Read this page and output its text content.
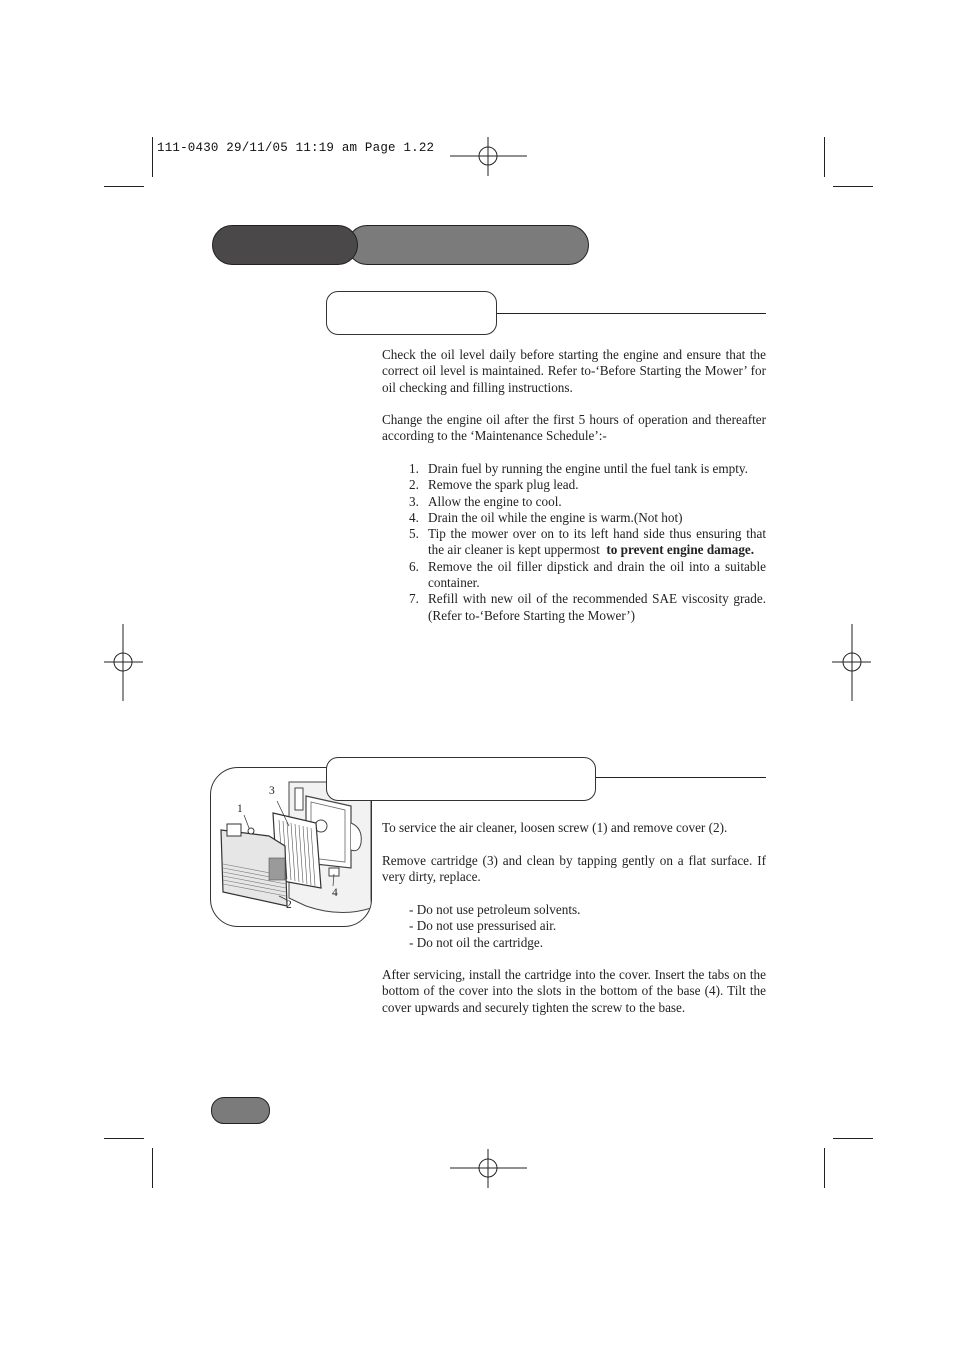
111-0430 29/11/05 11:19 am Page 1.22

Check the oil level daily before starting the engine and ensure that the correct oil level is maintained. Refer to-‘Before Starting the Mower’ for oil checking and filling instructions.

Change the engine oil after the first 5 hours of operation and thereafter according to the ‘Maintenance Schedule’:-

1. Drain fuel by running the engine until the fuel tank is empty.
2. Remove the spark plug lead.
3. Allow the engine to cool.
4. Drain the oil while the engine is warm.(Not hot)
5. Tip the mower over on to its left hand side thus ensuring that the air cleaner is kept uppermost to prevent engine damage.
6. Remove the oil filler dipstick and drain the oil into a suitable container.
7. Refill with new oil of the recommended SAE viscosity grade. (Refer to-‘Before Starting the Mower’)
1
2
3
4

To service the air cleaner, loosen screw (1) and remove cover (2).

Remove cartridge (3) and clean by tapping gently on a flat surface. If very dirty, replace.

- Do not use petroleum solvents.
- Do not use pressurised air.
- Do not oil the cartridge.

After servicing, install the cartridge into the cover. Insert the tabs on the bottom of the cover into the slots in the bottom of the base (4). Tilt the cover upwards and securely tighten the screw to the base.
